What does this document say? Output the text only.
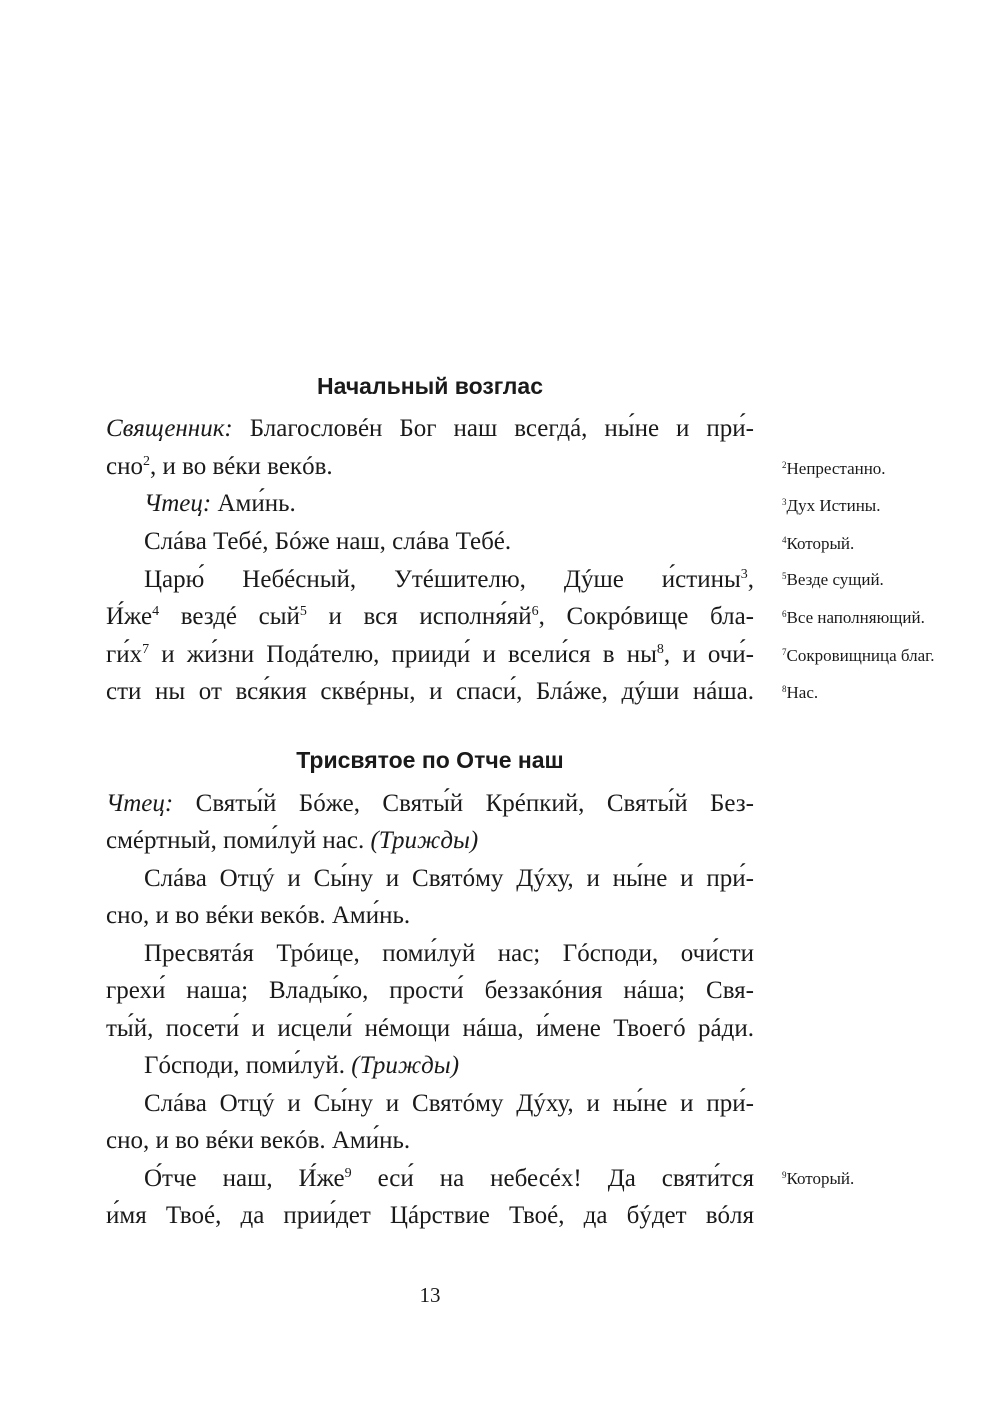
Начальный возглас

Священник: Благословéн Бог наш всегдá, ны́не и при́-

сно$^2$, и во вéки векóв.

Чтец: Ами́нь.

Слáва Тебé, Бóже наш, слáва Тебé.

Царю́ Небéсный, Утéшителю, Дýше и́стины$^3$,

$И́же^4$ вездé сый$^5$ и вся $исполня́яй^6$, Сокрóвище бла-

$ги́х^7$ и жи́зни Подáтелю, прииди́ и всели́ся в $ны^8$, и очи́-

сти ны от вся́кия сквéрны, и спаси́, Блáже, дýши нáша.

Трисвятое по Отче наш

Чтец: Святы́й Бóже, Святы́й Крéпкий, Святы́й Без-

смéртный, поми́луй нас. (Трижды)

Слáва Отцý и Сы́ну и Святóму Дýху, и ны́не и при́-

сно, и во вéки векóв. Ами́нь.

Пресвятáя Трóице, поми́луй нас; Гóсподи, очи́сти

грехи́ наша; Влады́ко, прости́ беззакóния нáша; Свя-

ты́й, посети́ и исцели́ нéмощи нáша, и́мене Твоегó рáди.

Гóсподи, поми́луй. (Трижды)

Слáва Отцý и Сы́ну и Святóму Дýху, и ны́не и при́-

сно, и во вéки векóв. Ами́нь.

О́тче наш, $И́же^9$ еси́ на небесéх! Да святи́тся

и́мя Твоé, да прии́дет Цáрствие Твоé, да бýдет вóля

$^2$Непрестанно.
$^3$Дух Истины.
$^4$Который.
$^5$Везде сущий.
$^6$Все наполняющий.
$^7$Сокровищница благ.
$^8$Нас.
$^9$Который.
13
